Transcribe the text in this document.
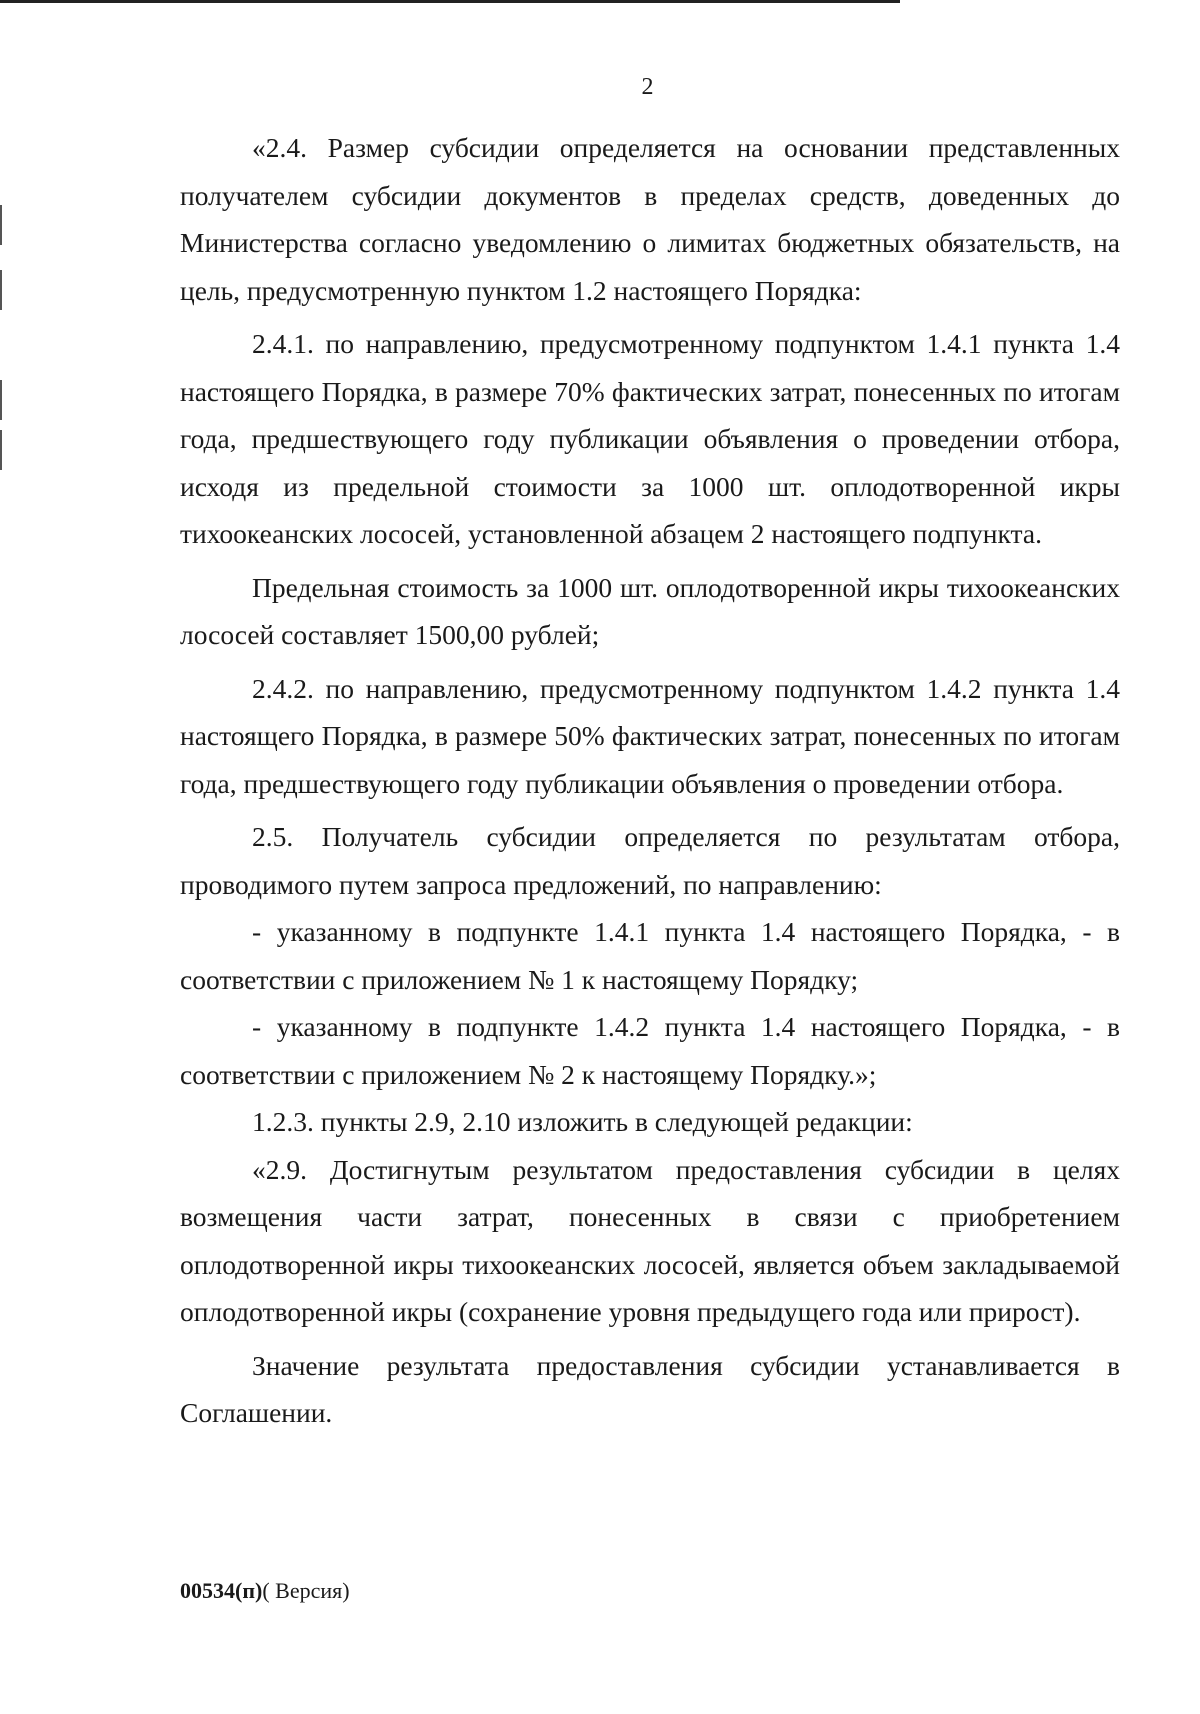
2

«2.4. Размер субсидии определяется на основании представленных получателем субсидии документов в пределах средств, доведенных до Министерства согласно уведомлению о лимитах бюджетных обязательств, на цель, предусмотренную пунктом 1.2 настоящего Порядка:

2.4.1. по направлению, предусмотренному подпунктом 1.4.1 пункта 1.4 настоящего Порядка, в размере 70% фактических затрат, понесенных по итогам года, предшествующего году публикации объявления о проведении отбора, исходя из предельной стоимости за 1000 шт. оплодотворенной икры тихоокеанских лососей, установленной абзацем 2 настоящего подпункта.

Предельная стоимость за 1000 шт. оплодотворенной икры тихоокеанских лососей составляет 1500,00 рублей;

2.4.2. по направлению, предусмотренному подпунктом 1.4.2 пункта 1.4 настоящего Порядка, в размере 50% фактических затрат, понесенных по итогам года, предшествующего году публикации объявления о проведении отбора.

2.5. Получатель субсидии определяется по результатам отбора, проводимого путем запроса предложений, по направлению:

- указанному в подпункте 1.4.1 пункта 1.4 настоящего Порядка, - в соответствии с приложением № 1 к настоящему Порядку;

- указанному в подпункте 1.4.2 пункта 1.4 настоящего Порядка, - в соответствии с приложением № 2 к настоящему Порядку.»;

1.2.3. пункты 2.9, 2.10 изложить в следующей редакции:

«2.9. Достигнутым результатом предоставления субсидии в целях возмещения части затрат, понесенных в связи с приобретением оплодотворенной икры тихоокеанских лососей, является объем закладываемой оплодотворенной икры (сохранение уровня предыдущего года или прирост).

Значение результата предоставления субсидии устанавливается в Соглашении.

00534(п)( Версия)
